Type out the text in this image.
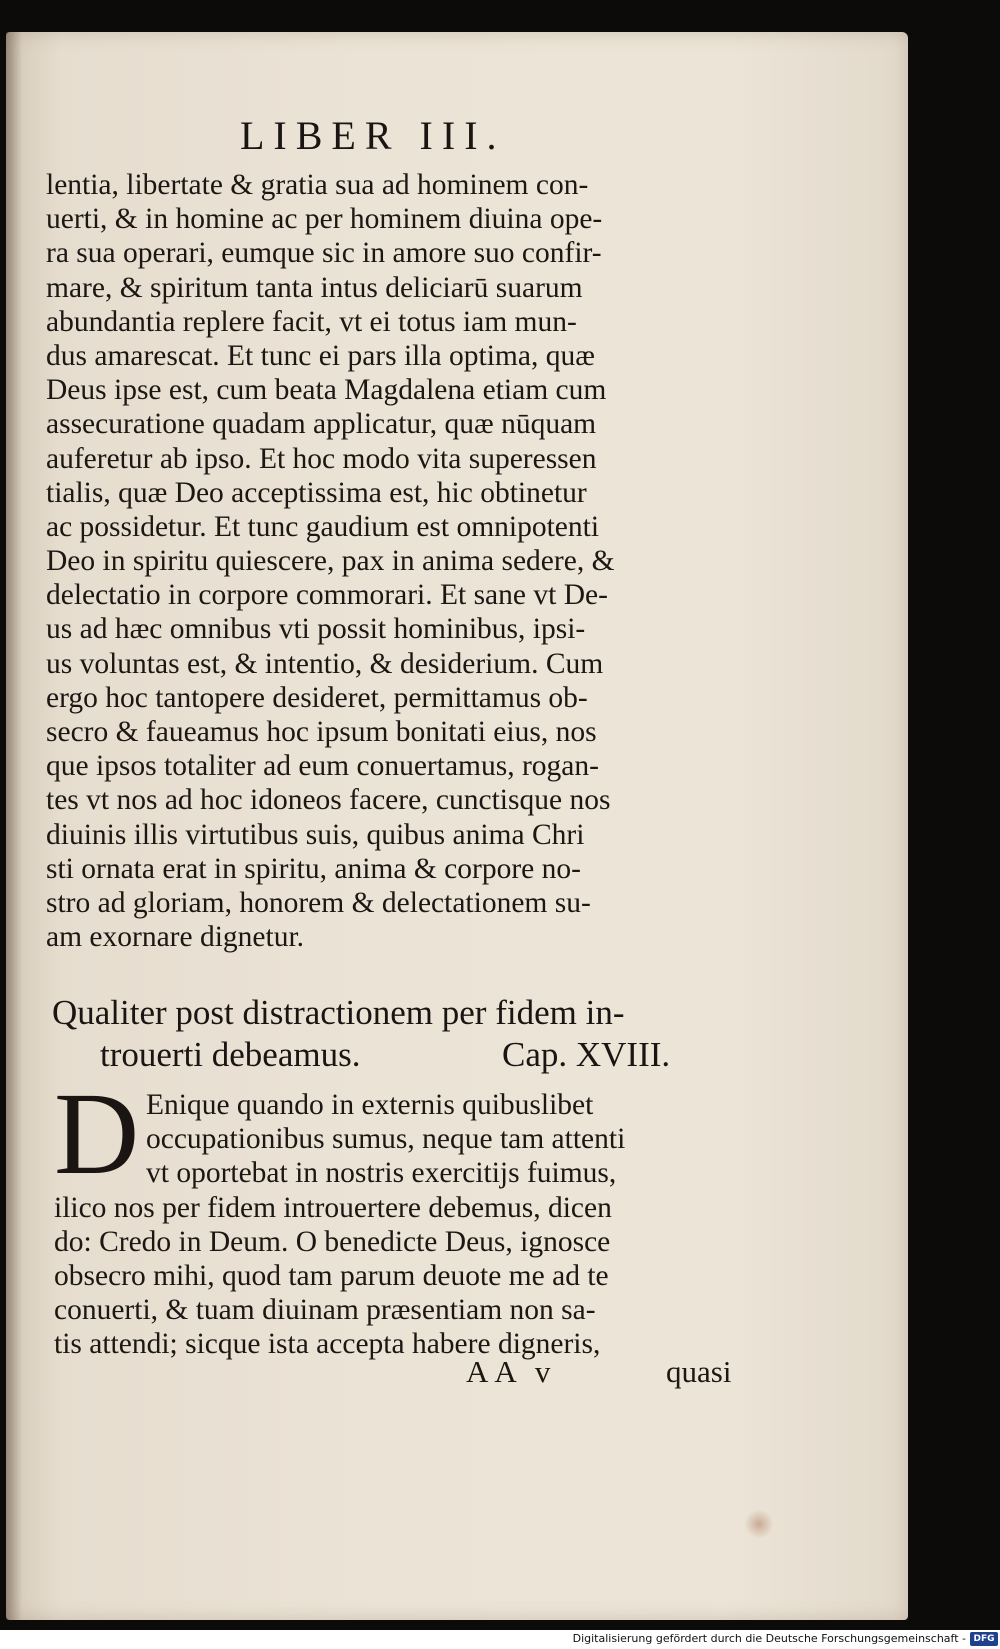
LIBER III.
lentia, libertate & gratia sua ad hominem con-
uerti, & in homine ac per hominem diuina ope-
ra sua operari, eumque sic in amore suo confir-
mare, & spiritum tanta intus deliciarū suarum
abundantia replere facit, vt ei totus iam mun-
dus amarescat. Et tunc ei pars illa optima, quæ
Deus ipse est, cum beata Magdalena etiam cum
assecuratione quadam applicatur, quæ nūquam
auferetur ab ipso. Et hoc modo vita superessen
tialis, quæ Deo acceptissima est, hic obtinetur
ac possidetur. Et tunc gaudium est omnipotenti
Deo in spiritu quiescere, pax in anima sedere, &
delectatio in corpore commorari. Et sane vt De-
us ad hæc omnibus vti possit hominibus, ipsi-
us voluntas est, & intentio, & desiderium. Cum
ergo hoc tantopere desideret, permittamus ob-
secro & faueamus hoc ipsum bonitati eius, nos
que ipsos totaliter ad eum conuertamus, rogan-
tes vt nos ad hoc idoneos facere, cunctisque nos
diuinis illis virtutibus suis, quibus anima Chri
sti ornata erat in spiritu, anima & corpore no-
stro ad gloriam, honorem & delectationem su-
am exornare dignetur.
Qualiter post distractionem per fidem in-
trouerti debeamus.	Cap. XVIII.
D Enique quando in externis quibuslibet
occupationibus sumus, neque tam attenti
vt oportebat in nostris exercitijs fuimus,
ilico nos per fidem introuertere debemus, dicen
do: Credo in Deum. O benedicte Deus, ignosce
obsecro mihi, quod tam parum deuote me ad te
conuerti, & tuam diuinam præsentiam non sa-
tis attendi; sicque ista accepta habere digneris,
AA v	quasi
Digitalisierung gefördert durch die Deutsche Forschungsgemeinschaft - DFG
